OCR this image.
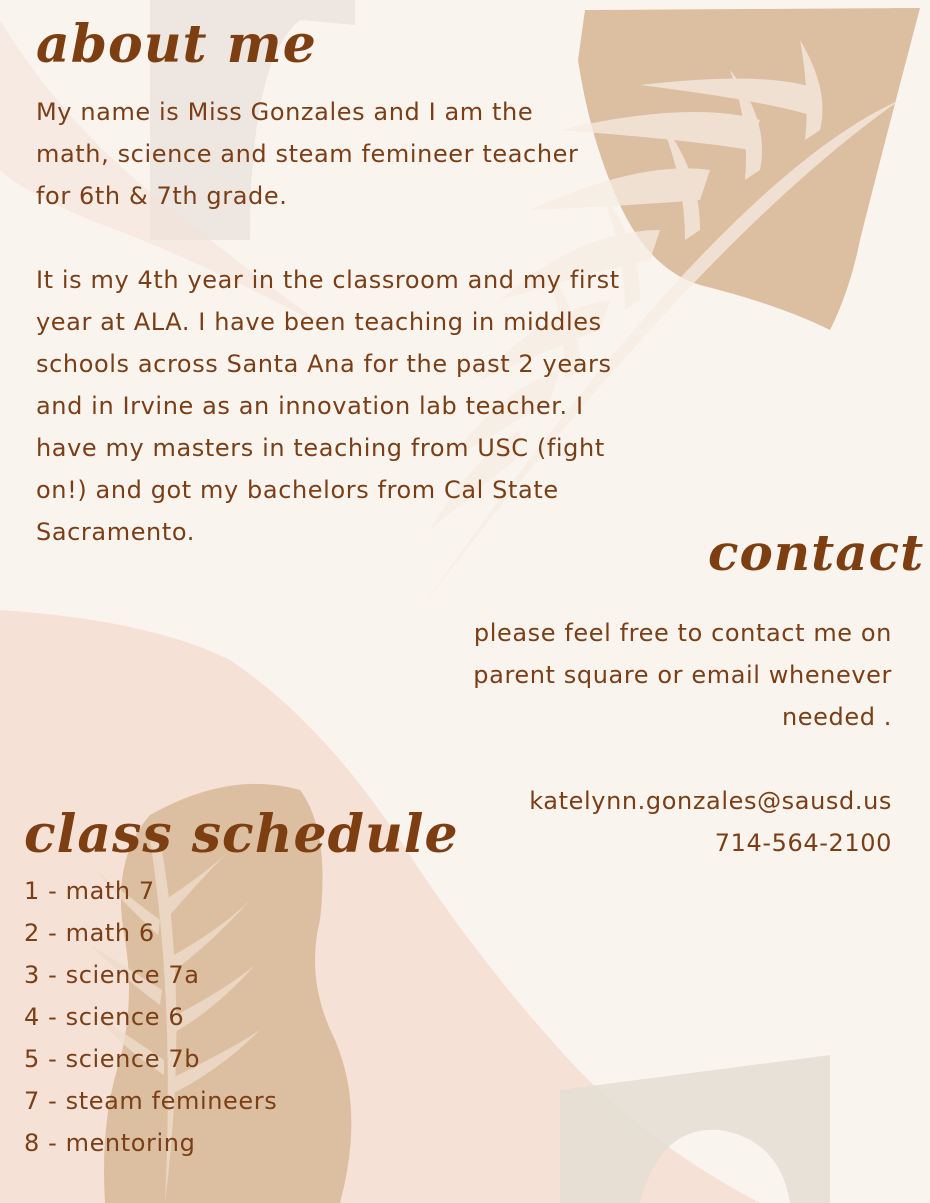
about me

My name is Miss Gonzales and I am the math, science and steam femineer teacher for 6th & 7th grade.

It is my 4th year in the classroom and my first year at ALA. I have been teaching in middles schools across Santa Ana for the past 2 years and in Irvine as an innovation lab teacher. I have my masters in teaching from USC (fight on!) and got my bachelors from Cal State Sacramento.	contact

please feel free to contact me on parent square or email whenever needed .

katelynn.gonzales@sausd.us

714-564-2100

class schedule
1 - math 7
2 - math 6
3 - science 7a
4 - science 6
5 - science 7b
7 - steam femineers
8 - mentoring
